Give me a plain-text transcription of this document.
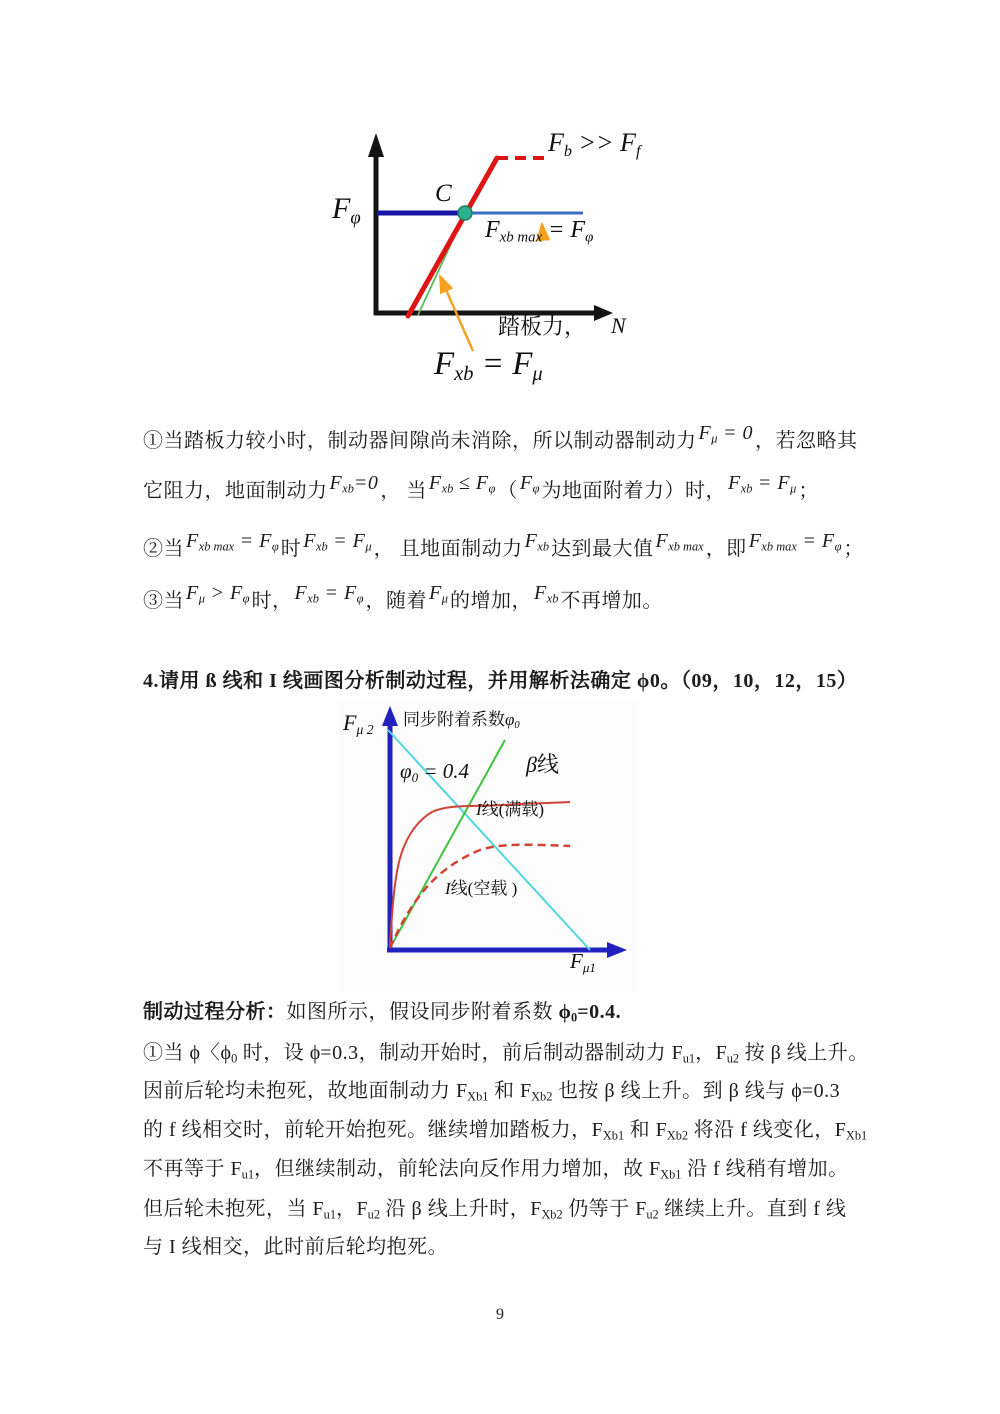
$F_\varphi$
C
$F_b >> F_f$
$F_{xb max} = F_\varphi$
踏板力， N
$F_{xb} = F_\mu$
①当踏板力较小时，制动器间隙尚未消除，所以制动器制动力 $F_\mu = 0$ ，若忽略其
它阻力，地面制动力 $F_{xb}=0$ ， 当 $F_{xb} \le F_\varphi$ （ $F_\varphi$ 为地面附着力）时， $F_{xb} = F_\mu$ ；
②当 $F_{xb max} = F_\varphi$ 时 $F_{xb} = F_\mu$ ， 且地面制动力 $F_{xb}$ 达到最大值 $F_{xb max}$ ，即 $F_{xb max} = F_\varphi$ ；
③当 $F_\mu > F_\varphi$ 时， $F_{xb} = F_\varphi$ ，随着 $F_\mu$ 的增加， $F_{xb}$ 不再增加。
4.请用 ß 线和 I 线画图分析制动过程，并用解析法确定 ϕ0。（09，10，12，15）
$F_{\mu 2}$
同步附着系数$\varphi_0$
β线
$\varphi_0 = 0.4$
I线(满载)
I线(空载 )
$F_{\mu 1}$
制动过程分析：如图所示，假设同步附着系数 $\phi_0=0.4$.
①当 ϕ〈$\phi_0$ 时，设 ϕ=0.3，制动开始时，前后制动器制动力 $F_{u1}$，$F_{u2}$ 按 β 线上升。
因前后轮均未抱死，故地面制动力 $F_{Xb1}$ 和 $F_{Xb2}$ 也按 β 线上升。到 β 线与 ϕ=0.3
的 f 线相交时，前轮开始抱死。继续增加踏板力，$F_{Xb1}$ 和 $F_{Xb2}$ 将沿 f 线变化，$F_{Xb1}$
不再等于 $F_{u1}$，但继续制动，前轮法向反作用力增加，故 $F_{Xb1}$ 沿 f 线稍有增加。
但后轮未抱死，当 $F_{u1}$，$F_{u2}$ 沿 β 线上升时，$F_{Xb2}$ 仍等于 $F_{u2}$ 继续上升。直到 f 线
与 I 线相交，此时前后轮均抱死。
9
